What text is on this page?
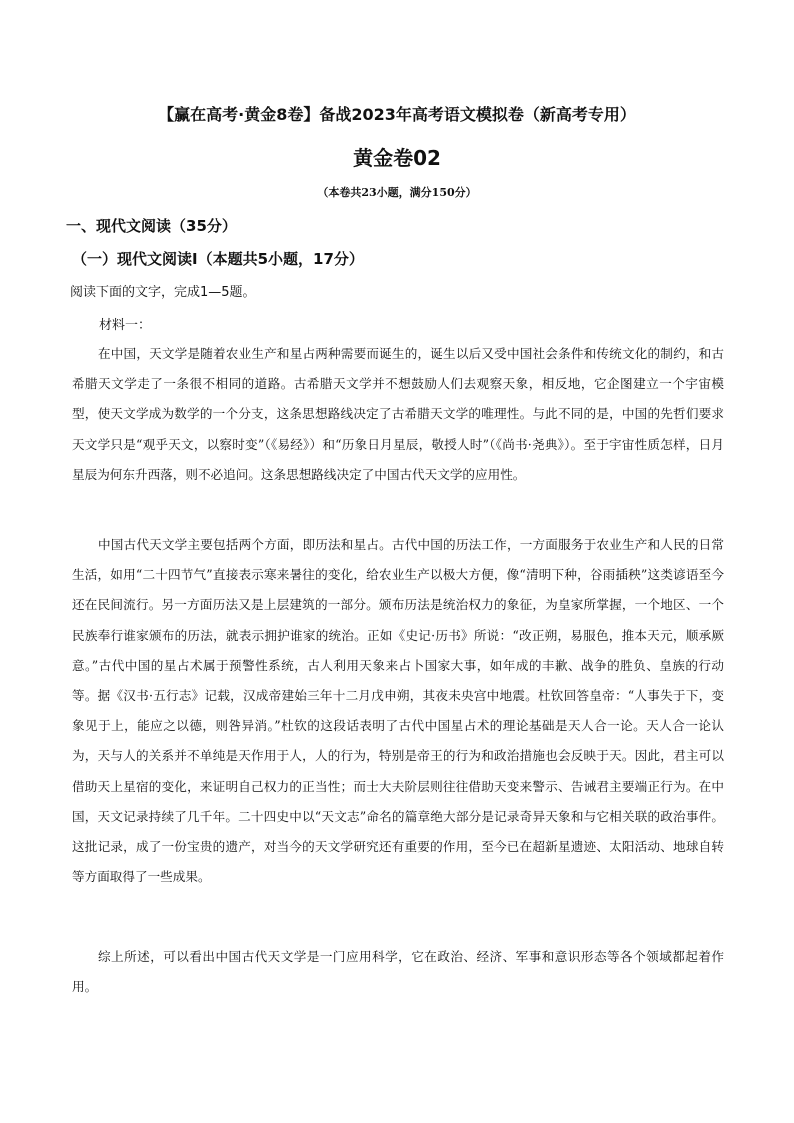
【赢在高考·黄金8卷】备战2023年高考语文模拟卷（新高考专用）
黄金卷02
（本卷共23小题，满分150分）
一、现代文阅读（35分）
（一）现代文阅读Ⅰ（本题共5小题，17分）
阅读下面的文字，完成1—5题。
材料一：

在中国，天文学是随着农业生产和星占两种需要而诞生的，诞生以后又受中国社会条件和传统文化的制约，和古希腊天文学走了一条很不相同的道路。古希腊天文学并不想鼓励人们去观察天象，相反地，它企图建立一个宇宙模型，使天文学成为数学的一个分支，这条思想路线决定了古希腊天文学的唯理性。与此不同的是，中国的先哲们要求天文学只是“观乎天文，以察时变”（《易经》）和“历象日月星辰，敬授人时”（《尚书·尧典》）。至于宇宙性质怎样，日月星辰为何东升西落，则不必追问。这条思想路线决定了中国古代天文学的应用性。

中国古代天文学主要包括两个方面，即历法和星占。古代中国的历法工作，一方面服务于农业生产和人民的日常生活，如用“二十四节气”直接表示寒来暑往的变化，给农业生产以极大方便，像“清明下种，谷雨插秧”这类谚语至今还在民间流行。另一方面历法又是上层建筑的一部分。颁布历法是统治权力的象征，为皇家所掌握，一个地区、一个民族奉行谁家颁布的历法，就表示拥护谁家的统治。正如《史记·历书》所说：“改正朔，易服色，推本天元，顺承厥意。”古代中国的星占术属于预警性系统，古人利用天象来占卜国家大事，如年成的丰歉、战争的胜负、皇族的行动等。据《汉书·五行志》记载，汉成帝建始三年十二月戊申朔，其夜未央宫中地震。杜钦回答皇帝：“人事失于下，变象见于上，能应之以德，则咎异消。”杜钦的这段话表明了古代中国星占术的理论基础是天人合一论。天人合一论认为，天与人的关系并不单纯是天作用于人，人的行为，特别是帝王的行为和政治措施也会反映于天。因此，君主可以借助天上星宿的变化，来证明自己权力的正当性；而士大夫阶层则往往借助天变来警示、告诫君主要端正行为。在中国，天文记录持续了几千年。二十四史中以“天文志”命名的篇章绝大部分是记录奇异天象和与它相关联的政治事件。这批记录，成了一份宝贵的遗产，对当今的天文学研究还有重要的作用，至今已在超新星遗迹、太阳活动、地球自转等方面取得了一些成果。

综上所述，可以看出中国古代天文学是一门应用科学，它在政治、经济、军事和意识形态等各个领域都起着作用。
